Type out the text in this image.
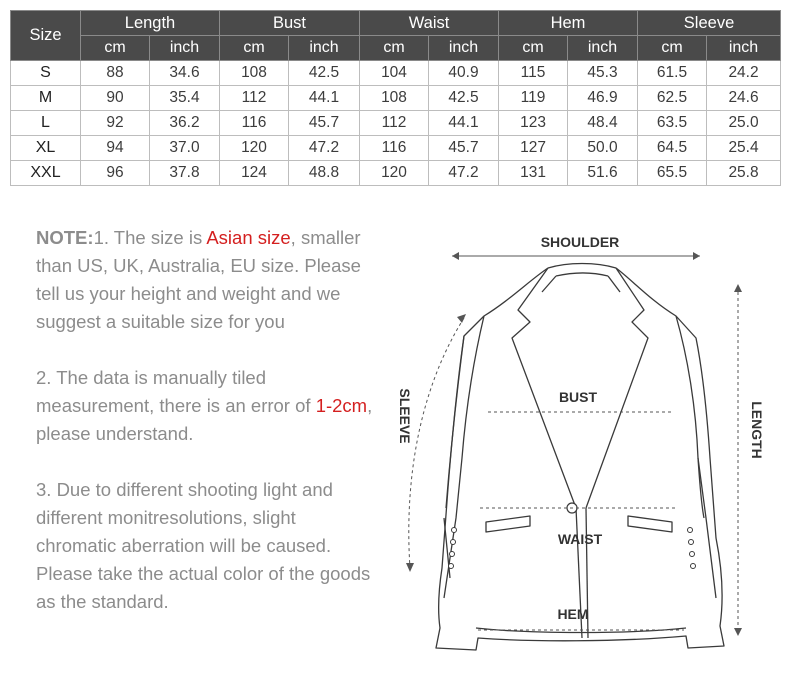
Size	Length		Bust		Waist		Hem		Sleeve	
	cm	inch	cm	inch	cm	inch	cm	inch	cm	inch
S	88	34.6	108	42.5	104	40.9	115	45.3	61.5	24.2
M	90	35.4	112	44.1	108	42.5	119	46.9	62.5	24.6
L	92	36.2	116	45.7	112	44.1	123	48.4	63.5	25.0
XL	94	37.0	120	47.2	116	45.7	127	50.0	64.5	25.4
XXL	96	37.8	124	48.8	120	47.2	131	51.6	65.5	25.8

NOTE:1. The size is Asian size, smaller than US, UK, Australia, EU size. Please tell us your height and weight and we suggest a suitable size for you

2. The data is manually tiled measurement, there is an error of 1-2cm, please understand.

3. Due to different shooting light and different monitresolutions, slight chromatic aberration will be caused. Please take the actual color of the goods as the standard.

SHOULDER
BUST
WAIST
HEM
SLEEVE	LENGTH
